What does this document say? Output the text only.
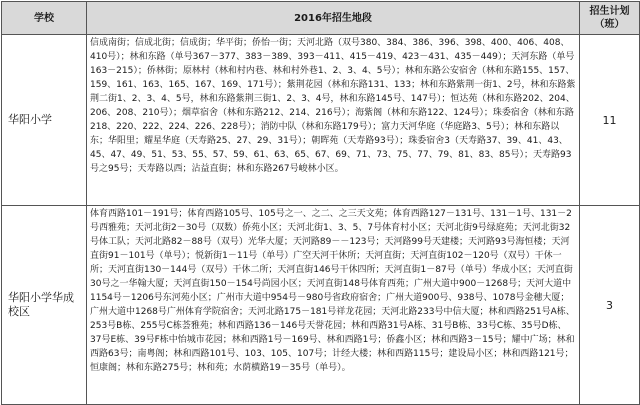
学校	2016年招生地段	招生计划（班）
华阳小学	信成南街；信成北街；信成街；华平街；侨怡一街；天河北路（双号380、384、386、396、398、400、406、408、410号）；林和东路（单号367－377、383－389、393－411、415－419、423－431、435－449）；天河东路（单号163－215）；侨林街；原林村（林和村内巷、林和村外巷1、2、3、4、5号）；林和东路公安宿舍（林和东路155、157、159、161、163、165、167、169、171号）；紫荆花园（林和东路131、133；林和东路紫荆一街1、2号，林和东路紫荆二街1、2、3、4、5号，林和东路紫荆三街1、2、3、4号，林和东路145号、147号）；恒达苑（林和东路202、204、206、208、210号）；烟草宿舍（林和东路212、214、216号）；海紫阁（林和东路122、124号）；珠委宿舍（林和东路218、220、222、224、226、228号）；消防中队（林和东路179号）；富力天河华庭（华庭路3、5号）；林和东路以东；华阳里；耀星华庭（天寿路25、27、29、31号）；朝晖苑（天寿路93号）；珠委宿舍3（天寿路37、39、41、43、45、47、49、51、53、55、57、59、61、63、65、67、69、71、73、75、77、79、81、83、85号）；天寿路93号之95号；天寿路以西；沾益直街；林和东路267号峻林小区。	11
华阳小学华成校区	体育西路101－191号；体育西路105号、105号之一、之二、之三天文苑；体育西路127－131号、131－1号、131－2号西雅苑；天河北街2－30号（双数）侨苑小区；天河北街1、3、5、7号体育村小区；天河北街9号绿庭苑；天河北街32号体工队；天河北路82－88号（双号）光华大厦；天河路89－－123号；天河路99号天建楼；天河路93号海恒楼；天河直街91－101号（单号）；悦新街1－11号（单号）广空天河干休所；天河直街；天河直街102－120号（双号）干休一所；天河直街130－144号（双号）干休二所；天河直街146号干休四所；天河直街1－87号（单号）华成小区；天河直街30号之一华翰大厦；天河直街150－154号尚园小区；天河直街148号体育西苑；广州大道中900－1268号；天河大道中1154号－1206号东河苑小区；广州市大道中954号－980号省政府宿舍；广州大道900号、938号、1078号金穗大厦；广州大道中1268号广州体育学院宿舍；天河北路175－181号祥龙花园；天河北路233号中信大厦；林和西路251号A栋、253号B栋、255号C栋荟雅苑；林和西路136－146号天誉花园；林和西路31号A栋、31号B栋、33号C栋、35号D栋、37号E栋、39号F栋中怡城市花园；林和西路1号－169号、林和西路1号；侨鑫小区；林和西路3－15号；耀中广场；林和西路63号；南粤阁；林和西路101号、103、105、107号；计经大楼；林和西路115号；建设局小区；林和西路121号；恒康阁；林和东路275号；林和苑；水荫横路19－35号（单号）。	3
